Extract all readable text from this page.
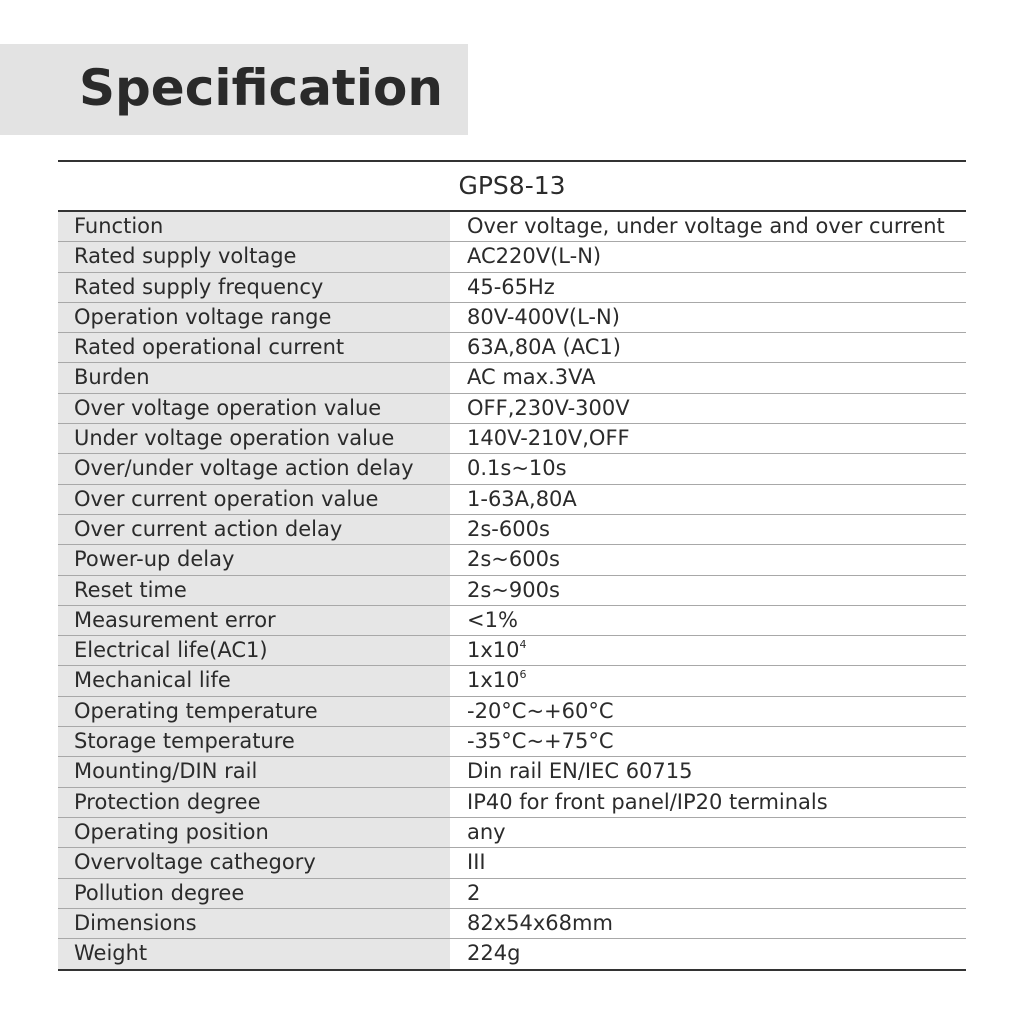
Specification
GPS8-13
Function	Over voltage, under voltage and over current
Rated supply voltage	AC220V(L-N)
Rated supply frequency	45-65Hz
Operation voltage range	80V-400V(L-N)
Rated operational current	63A,80A (AC1)
Burden	AC max.3VA
Over voltage operation value	OFF,230V-300V
Under voltage operation value	140V-210V,OFF
Over/under voltage action delay	0.1s~10s
Over current operation value	1-63A,80A
Over current action delay	2s-600s
Power-up delay	2s~600s
Reset time	2s~900s
Measurement error	<1%
Electrical life(AC1)	$1x10^4$
Mechanical life	$1x10^6$
Operating temperature	-20°C~+60°C
Storage temperature	-35°C~+75°C
Mounting/DIN rail	Din rail EN/IEC 60715
Protection degree	IP40 for front panel/IP20 terminals
Operating position	any
Overvoltage cathegory	III
Pollution degree	2
Dimensions	82x54x68mm
Weight	224g
